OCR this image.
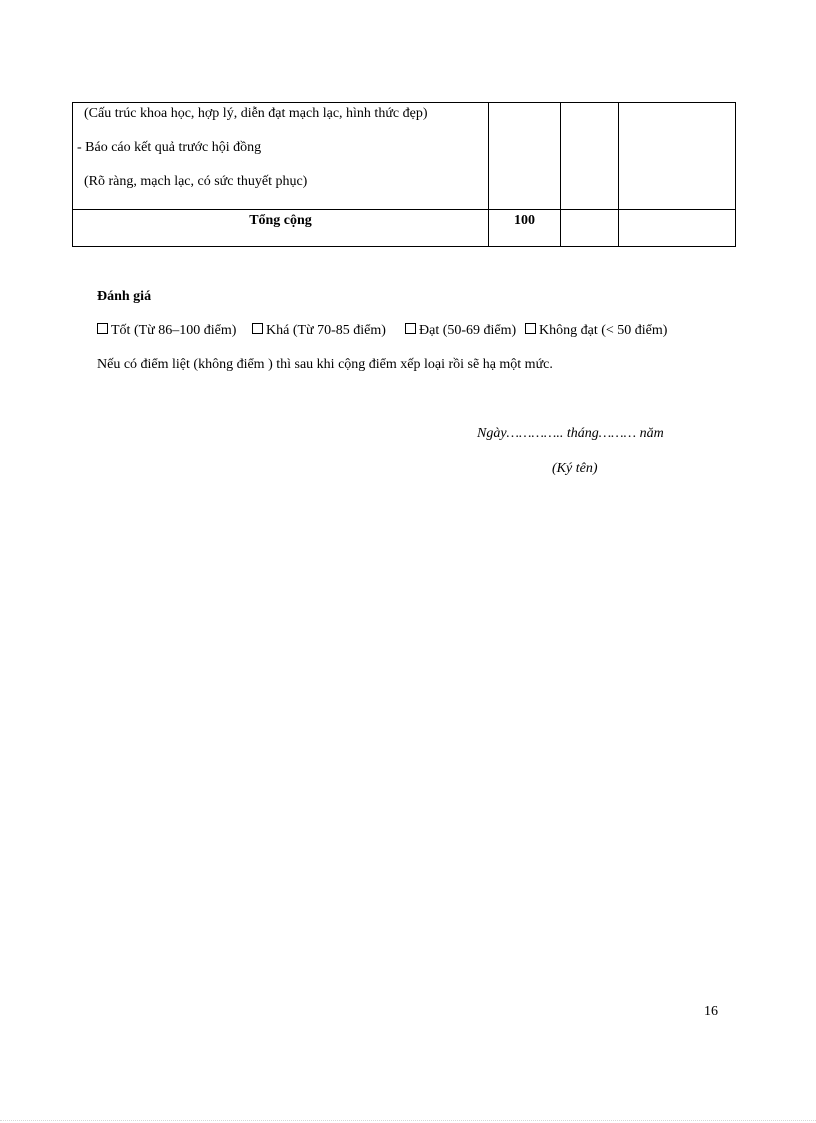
(Cấu trúc khoa học, hợp lý, diễn đạt mạch lạc, hình thức đẹp)
- Báo cáo kết quả trước hội đồng
(Rõ ràng, mạch lạc, có sức thuyết phục)			

Tổng cộng	100		
Đánh giá
Tốt (Từ 86–100 điểm)	Khá (Từ 70-85 điểm)	Đạt (50-69 điểm)	Không đạt (< 50 điểm)
Nếu có điểm liệt (không điểm ) thì sau khi cộng điểm xếp loại rồi sẽ hạ một mức.
Ngày………….. tháng……… năm
(Ký tên)
16
